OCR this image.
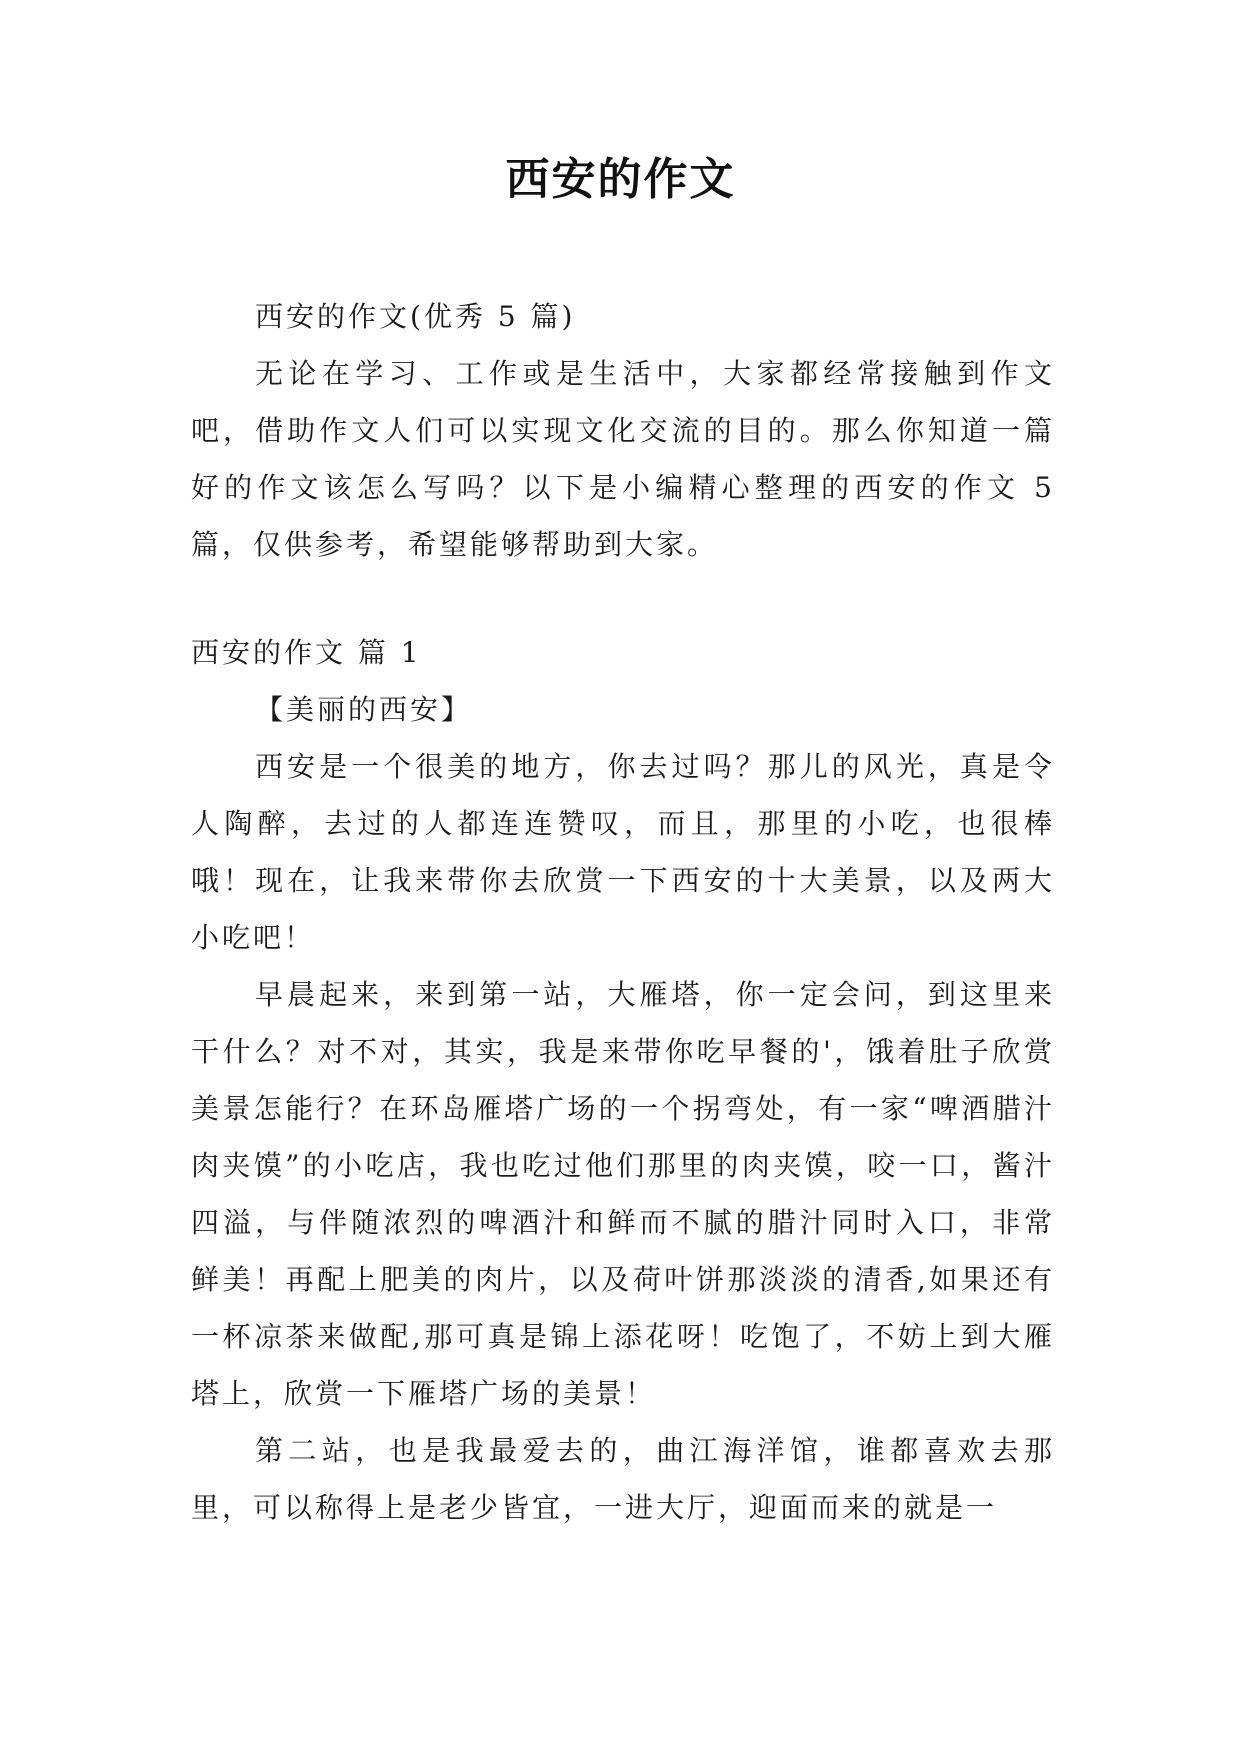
西安的作文

西安的作文(优秀 5 篇)

无论在学习、工作或是生活中，大家都经常接触到作文吧，借助作文人们可以实现文化交流的目的。那么你知道一篇好的作文该怎么写吗？以下是小编精心整理的西安的作文 5 篇，仅供参考，希望能够帮助到大家。

西安的作文 篇 1

【美丽的西安】

西安是一个很美的地方，你去过吗？那儿的风光，真是令人陶醉，去过的人都连连赞叹，而且，那里的小吃，也很棒哦！现在，让我来带你去欣赏一下西安的十大美景，以及两大小吃吧！

早晨起来，来到第一站，大雁塔，你一定会问，到这里来干什么？对不对，其实，我是来带你吃早餐的'，饿着肚子欣赏美景怎能行？在环岛雁塔广场的一个拐弯处，有一家“啤酒腊汁肉夹馍”的小吃店，我也吃过他们那里的肉夹馍，咬一口，酱汁四溢，与伴随浓烈的啤酒汁和鲜而不腻的腊汁同时入口，非常鲜美！再配上肥美的肉片，以及荷叶饼那淡淡的清香,如果还有一杯凉茶来做配,那可真是锦上添花呀！吃饱了，不妨上到大雁塔上，欣赏一下雁塔广场的美景！

第二站，也是我最爱去的，曲江海洋馆，谁都喜欢去那里，可以称得上是老少皆宜，一进大厅，迎面而来的就是一
